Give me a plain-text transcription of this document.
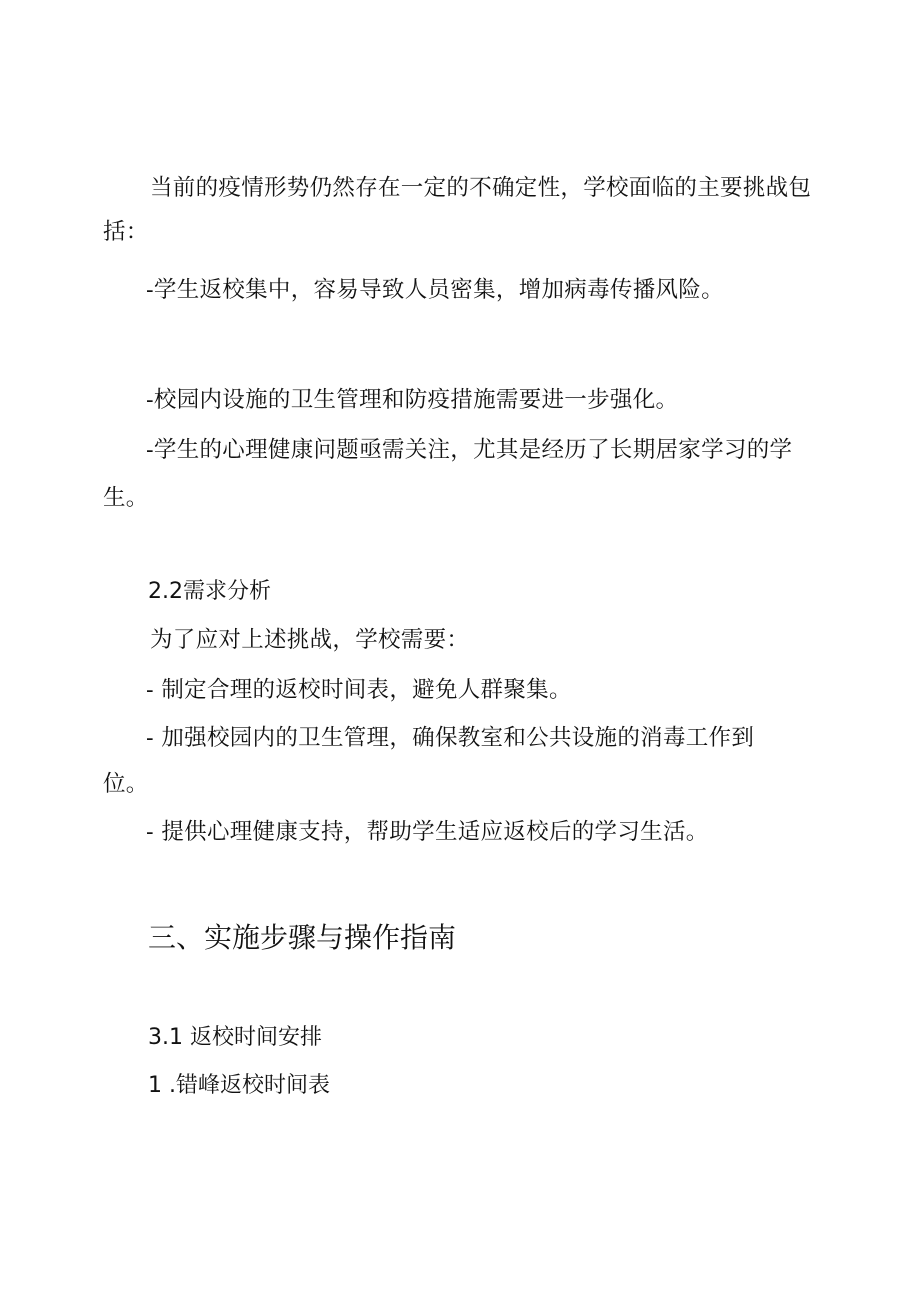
当前的疫情形势仍然存在一定的不确定性，学校面临的主要挑战包
括：
-学生返校集中，容易导致人员密集，增加病毒传播风险。
-校园内设施的卫生管理和防疫措施需要进一步强化。
-学生的心理健康问题亟需关注，尤其是经历了长期居家学习的学
生。
2.2需求分析
为了应对上述挑战，学校需要：
- 制定合理的返校时间表，避免人群聚集。
- 加强校园内的卫生管理，确保教室和公共设施的消毒工作到
位。
- 提供心理健康支持，帮助学生适应返校后的学习生活。
三、实施步骤与操作指南
3.1 返校时间安排
1 .错峰返校时间表
